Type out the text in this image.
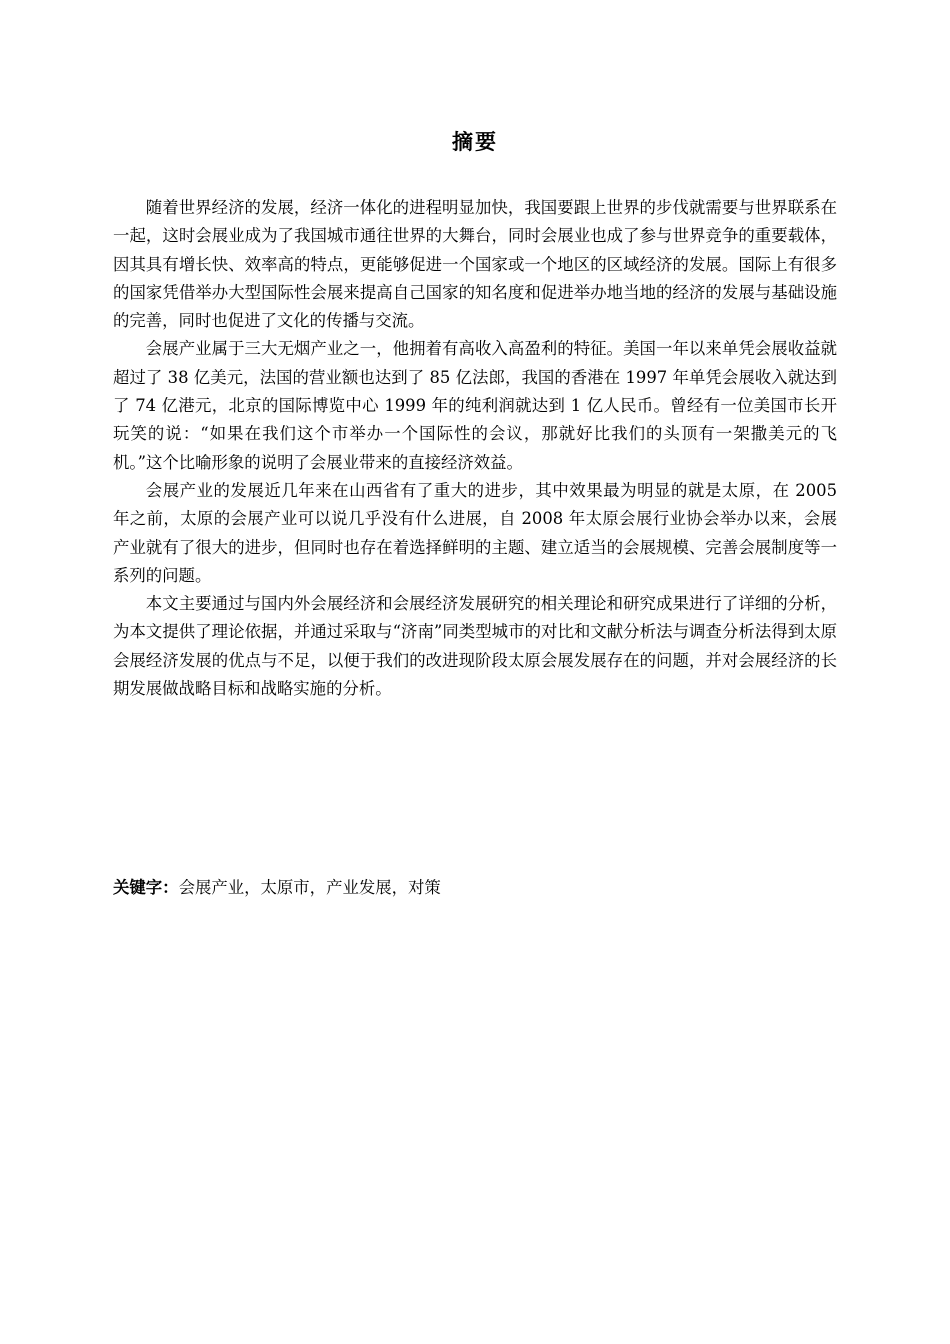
摘要

随着世界经济的发展，经济一体化的进程明显加快，我国要跟上世界的步伐就需要与世界联系在一起，这时会展业成为了我国城市通往世界的大舞台，同时会展业也成了参与世界竞争的重要载体，因其具有增长快、效率高的特点，更能够促进一个国家或一个地区的区域经济的发展。国际上有很多的国家凭借举办大型国际性会展来提高自己国家的知名度和促进举办地当地的经济的发展与基础设施的完善，同时也促进了文化的传播与交流。

会展产业属于三大无烟产业之一，他拥着有高收入高盈利的特征。美国一年以来单凭会展收益就超过了 38 亿美元，法国的营业额也达到了 85 亿法郎，我国的香港在 1997 年单凭会展收入就达到了 74 亿港元，北京的国际博览中心 1999 年的纯利润就达到 1 亿人民币。曾经有一位美国市长开玩笑的说：“如果在我们这个市举办一个国际性的会议，那就好比我们的头顶有一架撒美元的飞机。”这个比喻形象的说明了会展业带来的直接经济效益。

会展产业的发展近几年来在山西省有了重大的进步，其中效果最为明显的就是太原，在 2005 年之前，太原的会展产业可以说几乎没有什么进展，自 2008 年太原会展行业协会举办以来，会展产业就有了很大的进步，但同时也存在着选择鲜明的主题、建立适当的会展规模、完善会展制度等一系列的问题。

本文主要通过与国内外会展经济和会展经济发展研究的相关理论和研究成果进行了详细的分析，为本文提供了理论依据，并通过采取与“济南”同类型城市的对比和文献分析法与调查分析法得到太原会展经济发展的优点与不足，以便于我们的改进现阶段太原会展发展存在的问题，并对会展经济的长期发展做战略目标和战略实施的分析。

关键字：会展产业，太原市，产业发展，对策
